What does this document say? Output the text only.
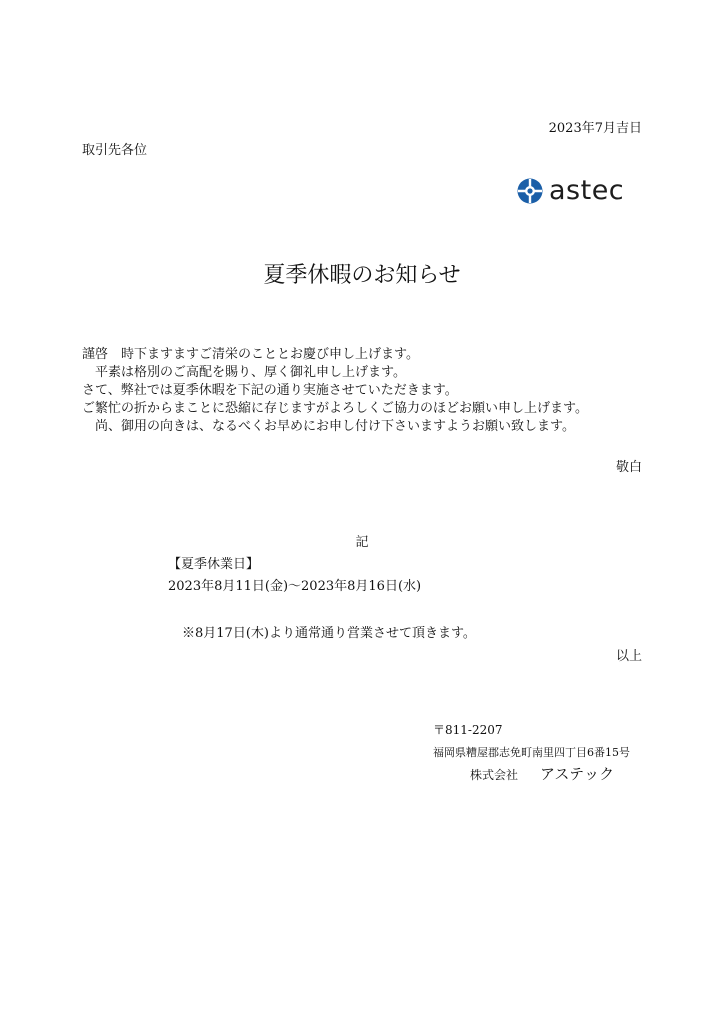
2023年7月吉日
取引先各位
astec
夏季休暇のお知らせ
謹啓　時下ますますご清栄のこととお慶び申し上げます。
　平素は格別のご高配を賜り、厚く御礼申し上げます。
さて、弊社では夏季休暇を下記の通り実施させていただきます。
ご繁忙の折からまことに恐縮に存じますがよろしくご協力のほどお願い申し上げます。
　尚、御用の向きは、なるべくお早めにお申し付け下さいますようお願い致します。
敬白
記
【夏季休業日】
2023年8月11日(金)～2023年8月16日(水)
※8月17日(木)より通常通り営業させて頂きます。
以上
〒811-2207
福岡県糟屋郡志免町南里四丁目6番15号
株式会社 アステック
